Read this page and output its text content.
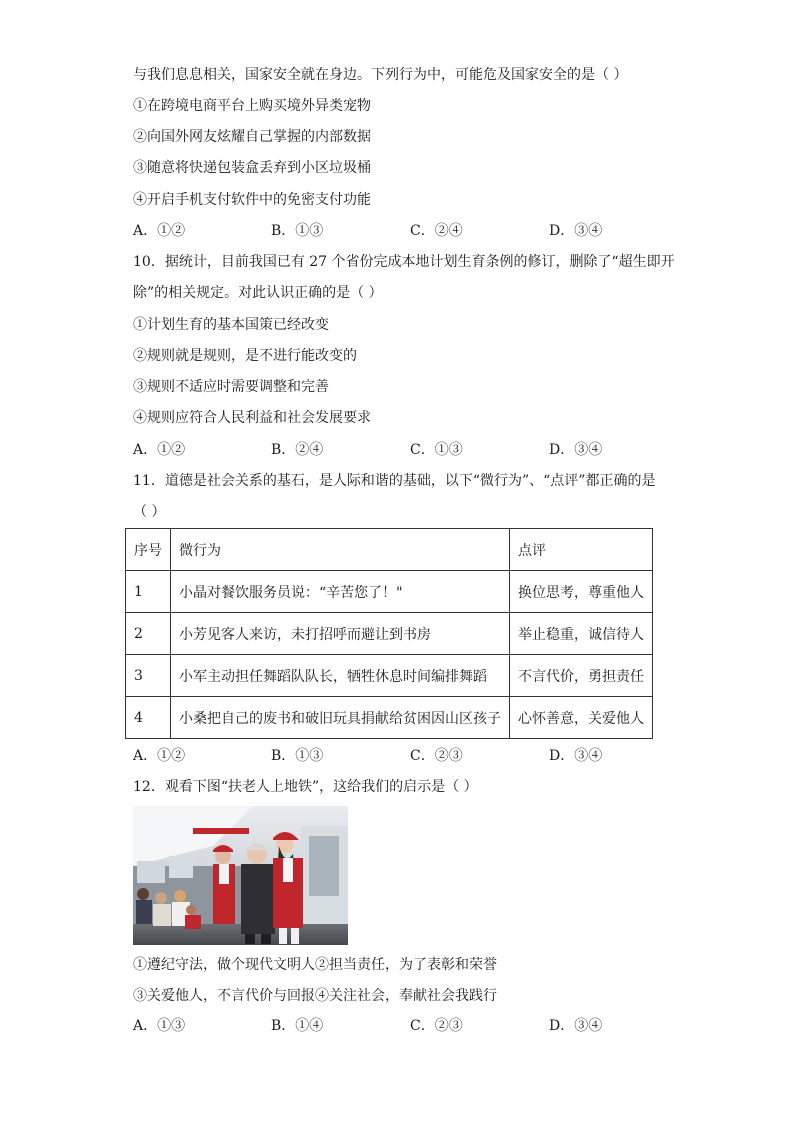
与我们息息相关，国家安全就在身边。下列行为中，可能危及国家安全的是（ ）
①在跨境电商平台上购买境外异类宠物
②向国外网友炫耀自己掌握的内部数据
③随意将快递包装盒丢弃到小区垃圾桶
④开启手机支付软件中的免密支付功能
A．①②	B．①③	C．②④	D．③④
10．据统计，目前我国已有 27 个省份完成本地计划生育条例的修订，删除了“超生即开
除”的相关规定。对此认识正确的是（ ）
①计划生育的基本国策已经改变
②规则就是规则，是不进行能改变的
③规则不适应时需要调整和完善
④规则应符合人民利益和社会发展要求
A．①②	B．②④	C．①③	D．③④
11．道德是社会关系的基石，是人际和谐的基础，以下“微行为”、“点评”都正确的是
（ ）
序号	微行为	点评
1	小晶对餐饮服务员说：“辛苦您了！"	换位思考，尊重他人
2	小芳见客人来访，未打招呼而避让到书房	举止稳重，诚信待人
3	小军主动担任舞蹈队队长，牺牲休息时间编排舞蹈	不言代价，勇担责任
4	小桑把自己的废书和破旧玩具捐献给贫困因山区孩子	心怀善意，关爱他人
A．①②	B．①③	C．②③	D．③④
12．观看下图“扶老人上地铁”，这给我们的启示是（ ）
①遵纪守法，做个现代文明人②担当责任，为了表彰和荣誉
③关爱他人，不言代价与回报④关注社会，奉献社会我践行
A．①③	B．①④	C．②③	D．③④
